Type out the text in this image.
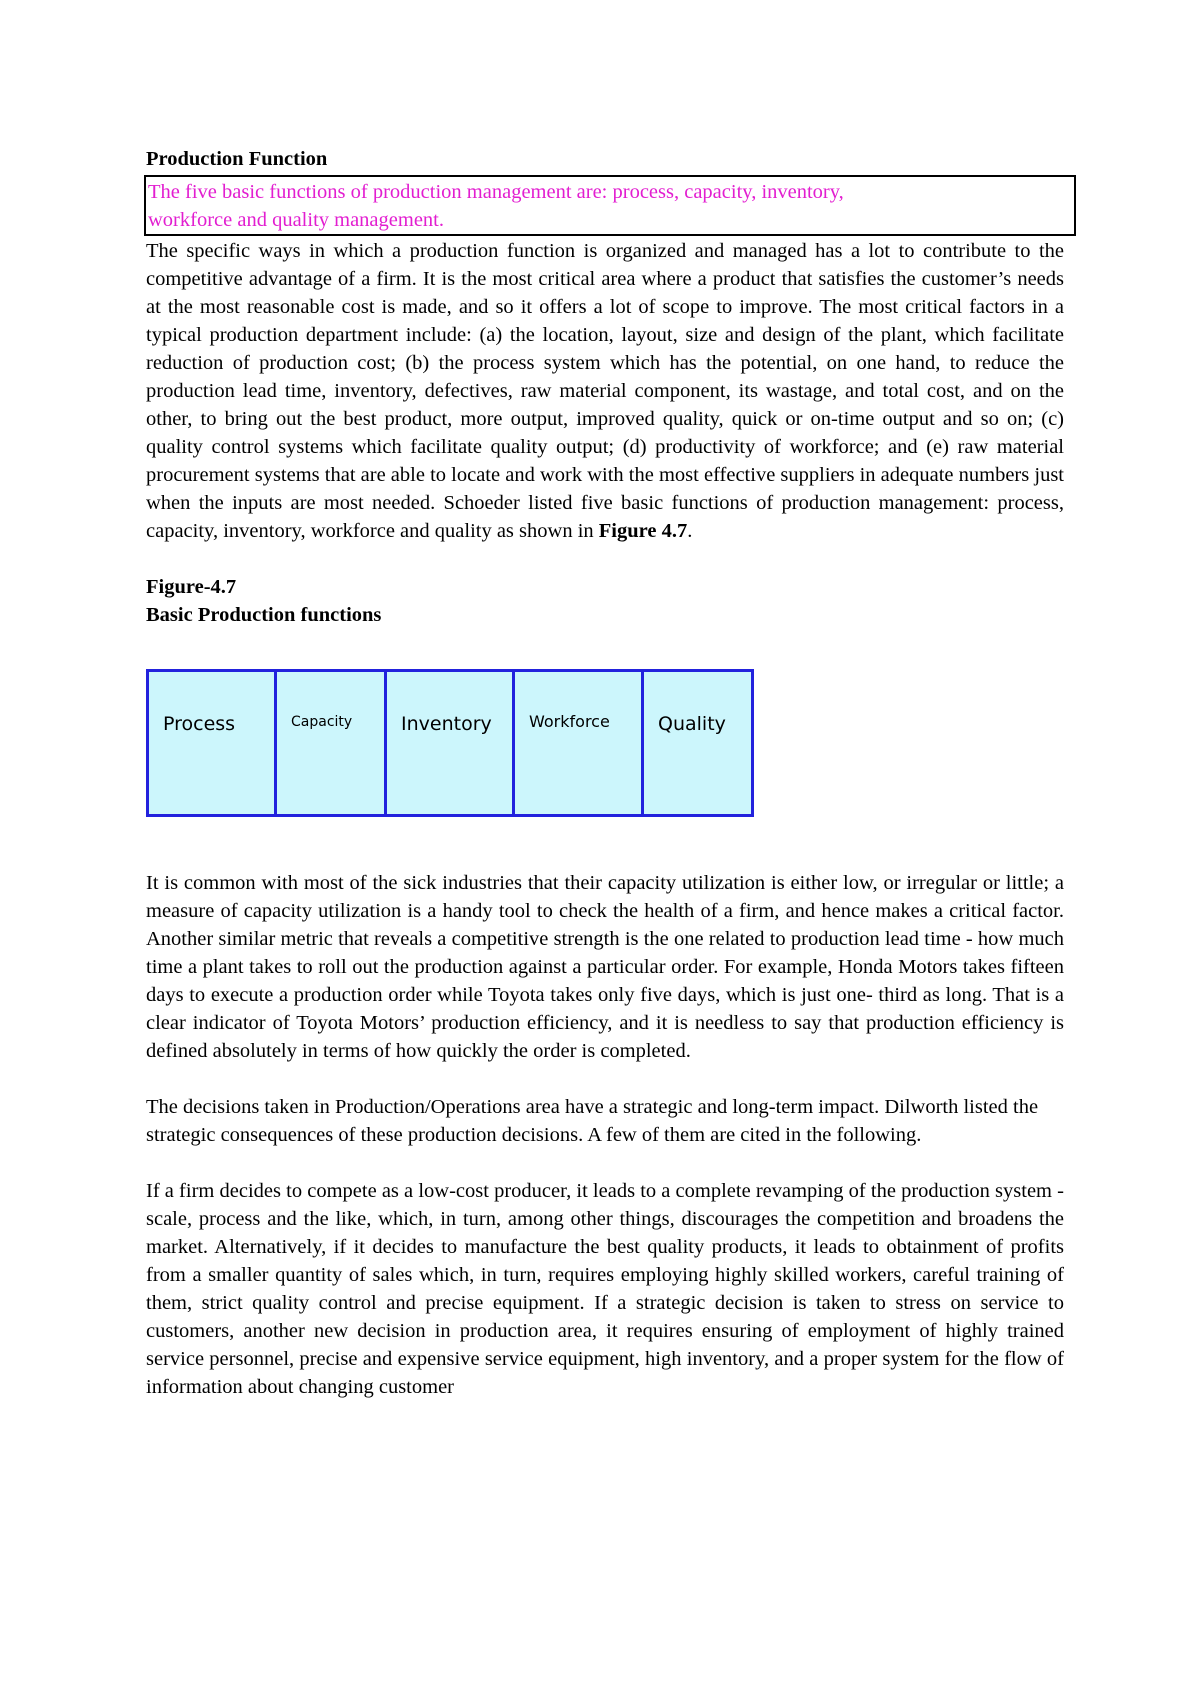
Production Function

The five basic functions of production management are: process, capacity, inventory,

workforce and quality management.

The specific ways in which a production function is organized and managed has a lot to contribute to the competitive advantage of a firm. It is the most critical area where a product that satisfies the customer’s needs at the most reasonable cost is made, and so it offers a lot of scope to improve. The most critical factors in a typical production department include: (a) the location, layout, size and design of the plant, which facilitate reduction of production cost; (b) the process system which has the potential, on one hand, to reduce the production lead time, inventory, defectives, raw material component, its wastage, and total cost, and on the other, to bring out the best product, more output, improved quality, quick or on-time output and so on; (c) quality control systems which facilitate quality output; (d) productivity of workforce; and (e) raw material procurement systems that are able to locate and work with the most effective suppliers in adequate numbers just when the inputs are most needed. Schoeder listed five basic functions of production management: process, capacity, inventory, workforce and quality as shown in Figure 4.7.

Figure-4.7

Basic Production functions

Process	Capacity	Inventory Workforce	Quality

It is common with most of the sick industries that their capacity utilization is either low, or irregular or little; a measure of capacity utilization is a handy tool to check the health of a firm, and hence makes a critical factor. Another similar metric that reveals a competitive strength is the one related to production lead time - how much time a plant takes to roll out the production against a particular order. For example, Honda Motors takes fifteen days to execute a production order while Toyota takes only five days, which is just one- third as long. That is a clear indicator of Toyota Motors’ production efficiency, and it is needless to say that production efficiency is defined absolutely in terms of how quickly the order is completed.

The decisions taken in Production/Operations area have a strategic and long-term impact. Dilworth listed the strategic consequences of these production decisions. A few of them are cited in the following.

If a firm decides to compete as a low-cost producer, it leads to a complete revamping of the production system - scale, process and the like, which, in turn, among other things, discourages the competition and broadens the market. Alternatively, if it decides to manufacture the best quality products, it leads to obtainment of profits from a smaller quantity of sales which, in turn, requires employing highly skilled workers, careful training of them, strict quality control and precise equipment. If a strategic decision is taken to stress on service to customers, another new decision in production area, it requires ensuring of employment of highly trained service personnel, precise and expensive service equipment, high inventory, and a proper system for the flow of information about changing customer
